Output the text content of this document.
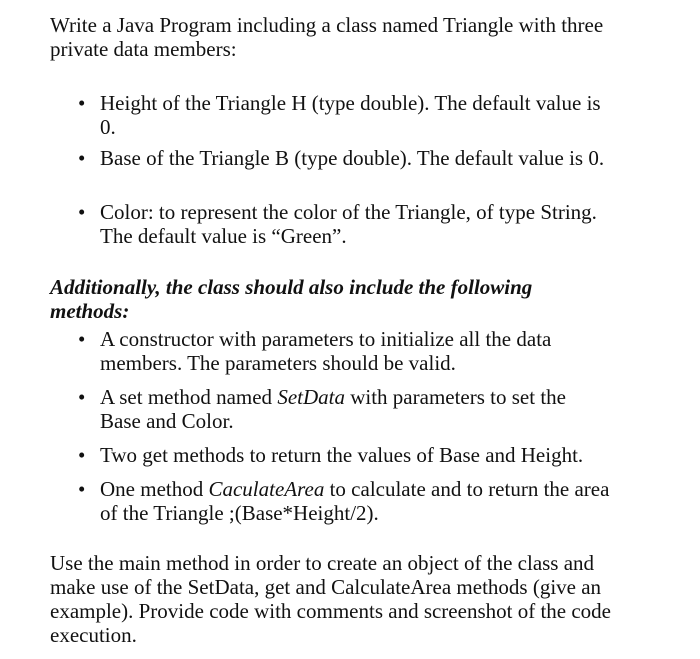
Write a Java Program including a class named Triangle with three private data members:

• Height of the Triangle H (type double). The default value is 0.
• Base of the Triangle B (type double). The default value is 0.
• Color: to represent the color of the Triangle, of type String. The default value is “Green”.

Additionally, the class should also include the following methods:

• A constructor with parameters to initialize all the data members. The parameters should be valid.
• A set method named SetData with parameters to set the Base and Color.
• Two get methods to return the values of Base and Height.
• One method CaculateArea to calculate and to return the area of the Triangle ;(Base*Height/2).

Use the main method in order to create an object of the class and make use of the SetData, get and CalculateArea methods (give an example). Provide code with comments and screenshot of the code execution.
